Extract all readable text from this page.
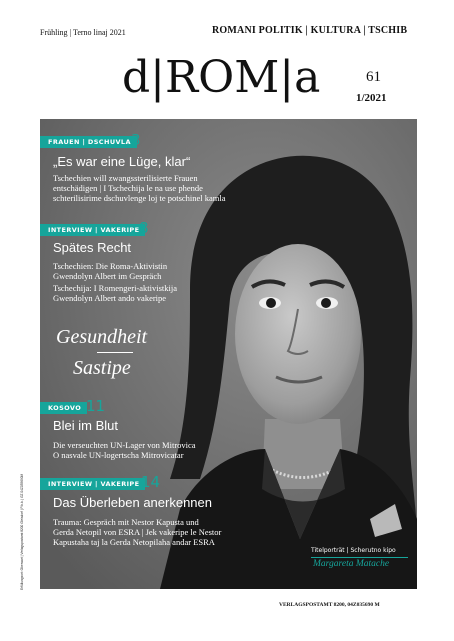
Frühling | Terno linaj 2021	ROMANI POLITIK | KULTURA | TSCHIB
d|ROM|a	61
1/2021
FRAUEN | DSCHUVLA 3
„Es war eine Lüge, klar“
Tschechien will zwangssterilisierte Frauen
entschädigen | I Tschechija le na use phende
schterilisirime dschuvlenge loj te potschinel kamla
INTERVIEW | VAKERIPE 8
Spätes Recht
Tschechien: Die Roma-Aktivistin
Gwendolyn Albert im Gespräch
Tschechija: I Romengeri-aktivistkija
Gwendolyn Albert ando vakeripe
Gesundheit
Sastipe
KOSOVO 11
Blei im Blut
Die verseuchten UN-Lager von Mitrovica
O nasvale UN-logertscha Mitrovicatar
INTERVIEW | VAKERIPE 14
Das Überleben anerkennen
Trauma: Gespräch mit Nestor Kapusta und
Gerda Netopil von ESRA | Jek vakeripe le Nestor
Kapustaha taj la Gerda Netopilaha andar ESRA
Titelporträt | Scherutno kipo
Margareta Matache
VERLAGSPOSTAMT 8200, 04Z035690 M
Erfüllungsort: Oberwart | Verlagspostamt 8200 Gleisdorf | P.b.b. | GZ 04Z035690M
